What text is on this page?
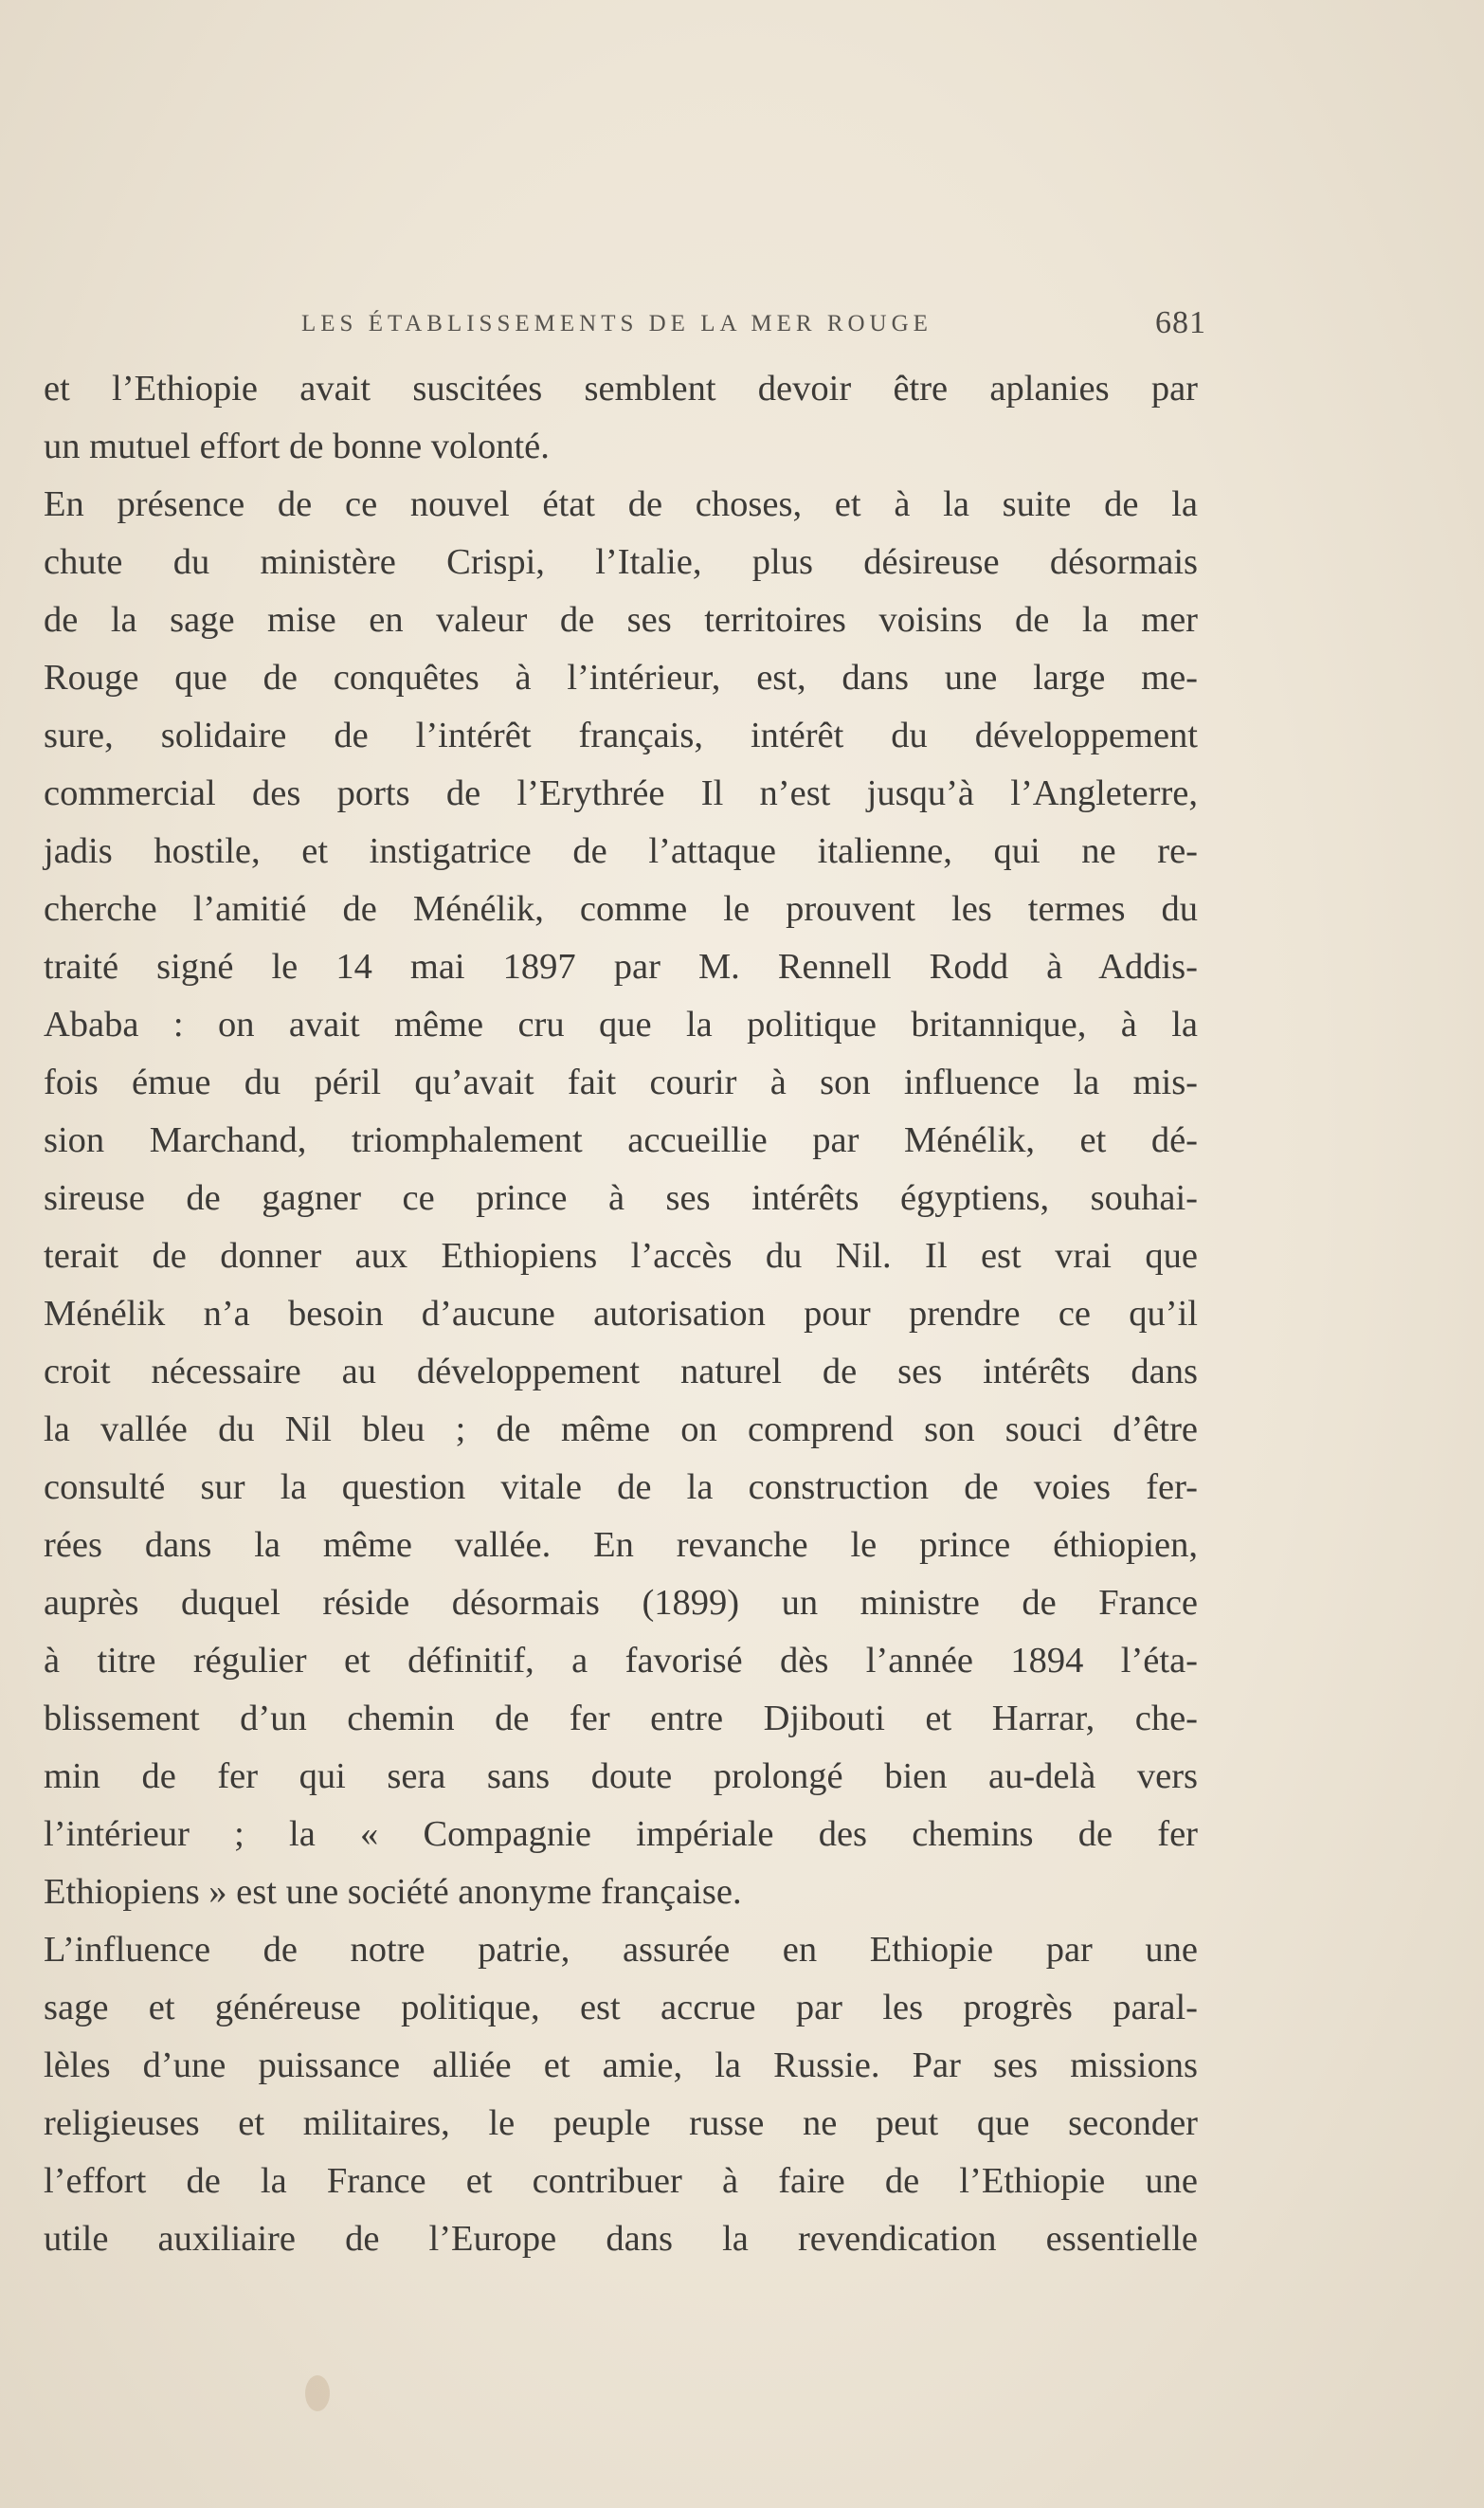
LES ÉTABLISSEMENTS DE LA MER ROUGE	681
et l’Ethiopie avait suscitées semblent devoir être aplanies par
un mutuel effort de bonne volonté.
En présence de ce nouvel état de choses, et à la suite de la
chute du ministère Crispi, l’Italie, plus désireuse désormais
de la sage mise en valeur de ses territoires voisins de la mer
Rouge que de conquêtes à l’intérieur, est, dans une large me-
sure, solidaire de l’intérêt français, intérêt du développement
commercial des ports de l’Erythrée Il n’est jusqu’à l’Angleterre,
jadis hostile, et instigatrice de l’attaque italienne, qui ne re-
cherche l’amitié de Ménélik, comme le prouvent les termes du
traité signé le 14 mai 1897 par M. Rennell Rodd à Addis-
Ababa : on avait même cru que la politique britannique, à la
fois émue du péril qu’avait fait courir à son influence la mis-
sion Marchand, triomphalement accueillie par Ménélik, et dé-
sireuse de gagner ce prince à ses intérêts égyptiens, souhai-
terait de donner aux Ethiopiens l’accès du Nil. Il est vrai que
Ménélik n’a besoin d’aucune autorisation pour prendre ce qu’il
croit nécessaire au développement naturel de ses intérêts dans
la vallée du Nil bleu ; de même on comprend son souci d’être
consulté sur la question vitale de la construction de voies fer-
rées dans la même vallée. En revanche le prince éthiopien,
auprès duquel réside désormais (1899) un ministre de France
à titre régulier et définitif, a favorisé dès l’année 1894 l’éta-
blissement d’un chemin de fer entre Djibouti et Harrar, che-
min de fer qui sera sans doute prolongé bien au-delà vers
l’intérieur ; la « Compagnie impériale des chemins de fer
Ethiopiens » est une société anonyme française.
L’influence de notre patrie, assurée en Ethiopie par une
sage et généreuse politique, est accrue par les progrès paral-
lèles d’une puissance alliée et amie, la Russie. Par ses missions
religieuses et militaires, le peuple russe ne peut que seconder
l’effort de la France et contribuer à faire de l’Ethiopie une
utile auxiliaire de l’Europe dans la revendication essentielle
